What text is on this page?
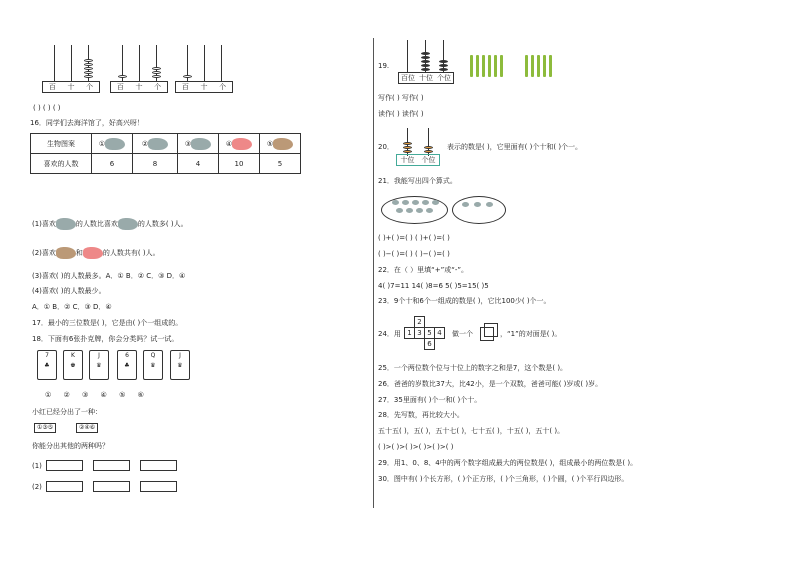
百	十	个	百	十	个	百	十	个
( ) ( ) ( )
16．同学们去海洋馆了，好高兴呀！
生物图案	①	②	③	④	⑤
喜欢的人数	6	8	4	10	5
(1)喜欢	的人数比喜欢	的人数多( )人。
(2)喜欢	和	的人数共有( )人。
(3)喜欢( )的人数最多。A．① B．② C．③ D．④
(4)喜欢( )的人数最少。
A．① B．② C．③ D．④
17．最小的三位数是( )，它是由( )个一组成的。
18．下面有6张扑克牌，你会分类吗？试一试。
7
♣
K
♚
J
♛
6
♣
Q
♛
J
♛
① ② ③ ④ ⑤ ⑥
小红已经分出了一种：
①③⑤	②④⑥
你能分出其他的两种吗？
(1)
(2)
19.
百位 十位 个位
写作( ) 写作( )
读作( ) 读作( )
20．
十位	个位
表示的数是( )，它里面有( )个十和( )个一。
21．我能写出四个算式。
( )+( )=( ) ( )+( )=( )
( )−( )=( ) ( )−( )=( )
22．在（ ）里填“+”或“-”。
4( )7=11 14( )8=6 5( )5=15( )5
23．9个十和6个一组成的数是( )，它比100少( )个一。
24．用
	2		
1	3	5	4
		6	
做一个	，“1”的对面是( )。
25．一个两位数个位与十位上的数字之和是7，这个数是( )。
26．爸爸的岁数比37大，比42小，是一个双数，爸爸可能( )岁或( )岁。
27．35里面有( )个一和( )个十。
28．先写数，再比较大小。
五十五( )，五( )，五十七( )，七十五( )，十五( )，五十( )。
( )>( )>( )>( )>( )>( )
29．用1、0、8、4中的两个数字组成最大的两位数是( )，组成最小的两位数是( )。
30．图中有( )个长方形，( )个正方形，( )个三角形，( )个圆，( )个平行四边形。
